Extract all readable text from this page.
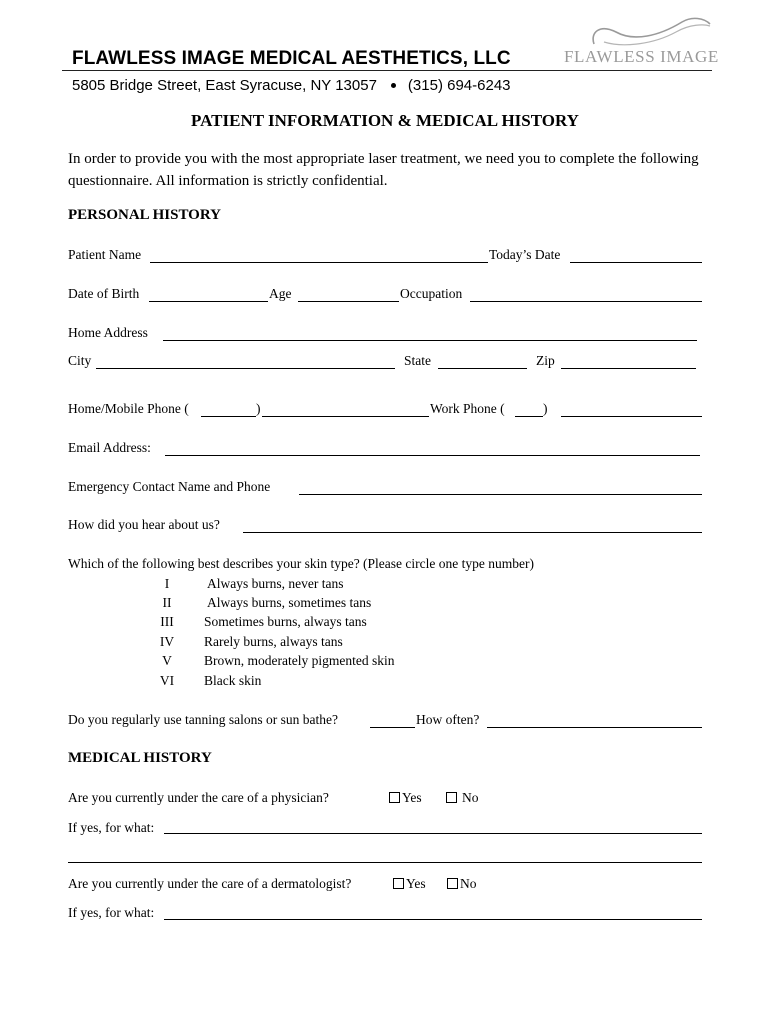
FLAWLESS IMAGE MEDICAL AESTHETICS, LLC
5805 Bridge Street, East Syracuse, NY 13057 (315) 694-6243
FLAWLESS IMAGE
PATIENT INFORMATION & MEDICAL HISTORY
In order to provide you with the most appropriate laser treatment, we need you to complete the following questionnaire. All information is strictly confidential.
PERSONAL HISTORY
Patient Name	Today’s Date
Date of Birth	Age	Occupation
Home Address
City	State	Zip
Home/Mobile Phone (	)	Work Phone (	)
Email Address:
Emergency Contact Name and Phone
How did you hear about us?
Which of the following best describes your skin type? (Please circle one type number)
I	Always burns, never tans
II	Always burns, sometimes tans
III	Sometimes burns, always tans
IV	Rarely burns, always tans
V	Brown, moderately pigmented skin
VI	Black skin
Do you regularly use tanning salons or sun bathe?	How often?
MEDICAL HISTORY
Are you currently under the care of a physician?	Yes	No
If yes, for what:
Are you currently under the care of a dermatologist?	Yes	No
If yes, for what:
